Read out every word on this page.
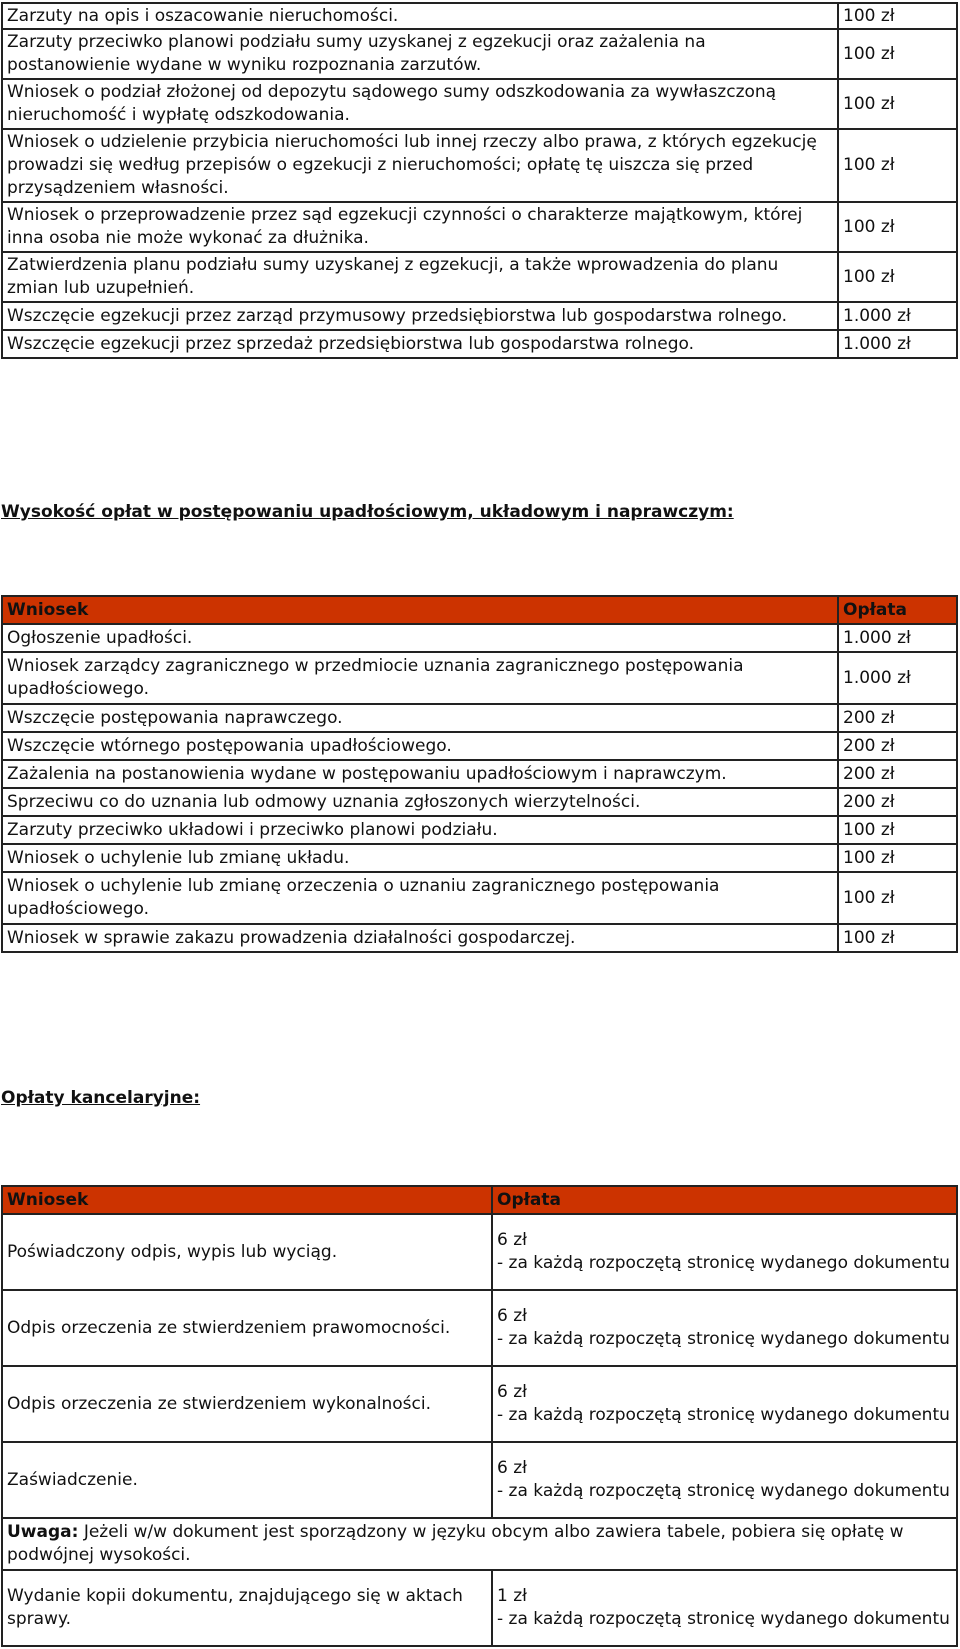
Zarzuty na opis i oszacowanie nieruchomości.	100 zł
Zarzuty przeciwko planowi podziału sumy uzyskanej z egzekucji oraz zażalenia na postanowienie wydane w wyniku rozpoznania zarzutów.	100 zł
Wniosek o podział złożonej od depozytu sądowego sumy odszkodowania za wywłaszczoną nieruchomość i wypłatę odszkodowania.	100 zł
Wniosek o udzielenie przybicia nieruchomości lub innej rzeczy albo prawa, z których egzekucję prowadzi się według przepisów o egzekucji z nieruchomości; opłatę tę uiszcza się przed przysądzeniem własności.	100 zł
Wniosek o przeprowadzenie przez sąd egzekucji czynności o charakterze majątkowym, której inna osoba nie może wykonać za dłużnika.	100 zł
Zatwierdzenia planu podziału sumy uzyskanej z egzekucji, a także wprowadzenia do planu zmian lub uzupełnień.	100 zł
Wszczęcie egzekucji przez zarząd przymusowy przedsiębiorstwa lub gospodarstwa rolnego.	1.000 zł
Wszczęcie egzekucji przez sprzedaż przedsiębiorstwa lub gospodarstwa rolnego.	1.000 zł
Wysokość opłat w postępowaniu upadłościowym, układowym i naprawczym:
Wniosek	Opłata
Ogłoszenie upadłości.	1.000 zł
Wniosek zarządcy zagranicznego w przedmiocie uznania zagranicznego postępowania upadłościowego.	1.000 zł
Wszczęcie postępowania naprawczego.	200 zł
Wszczęcie wtórnego postępowania upadłościowego.	200 zł
Zażalenia na postanowienia wydane w postępowaniu upadłościowym i naprawczym.	200 zł
Sprzeciwu co do uznania lub odmowy uznania zgłoszonych wierzytelności.	200 zł
Zarzuty przeciwko układowi i przeciwko planowi podziału.	100 zł
Wniosek o uchylenie lub zmianę układu.	100 zł
Wniosek o uchylenie lub zmianę orzeczenia o uznaniu zagranicznego postępowania upadłościowego.	100 zł
Wniosek w sprawie zakazu prowadzenia działalności gospodarczej.	100 zł
Opłaty kancelaryjne:
Wniosek	Opłata
Poświadczony odpis, wypis lub wyciąg.	6 zł
- za każdą rozpoczętą stronicę wydanego dokumentu

Odpis orzeczenia ze stwierdzeniem prawomocności.	6 zł
- za każdą rozpoczętą stronicę wydanego dokumentu

Odpis orzeczenia ze stwierdzeniem wykonalności.	6 zł
- za każdą rozpoczętą stronicę wydanego dokumentu

Zaświadczenie.	6 zł
- za każdą rozpoczętą stronicę wydanego dokumentu

Uwaga: Jeżeli w/w dokument jest sporządzony w języku obcym albo zawiera tabele, pobiera się opłatę w podwójnej wysokości.	
Wydanie kopii dokumentu, znajdującego się w aktach sprawy.	1 zł
- za każdą rozpoczętą stronicę wydanego dokumentu
